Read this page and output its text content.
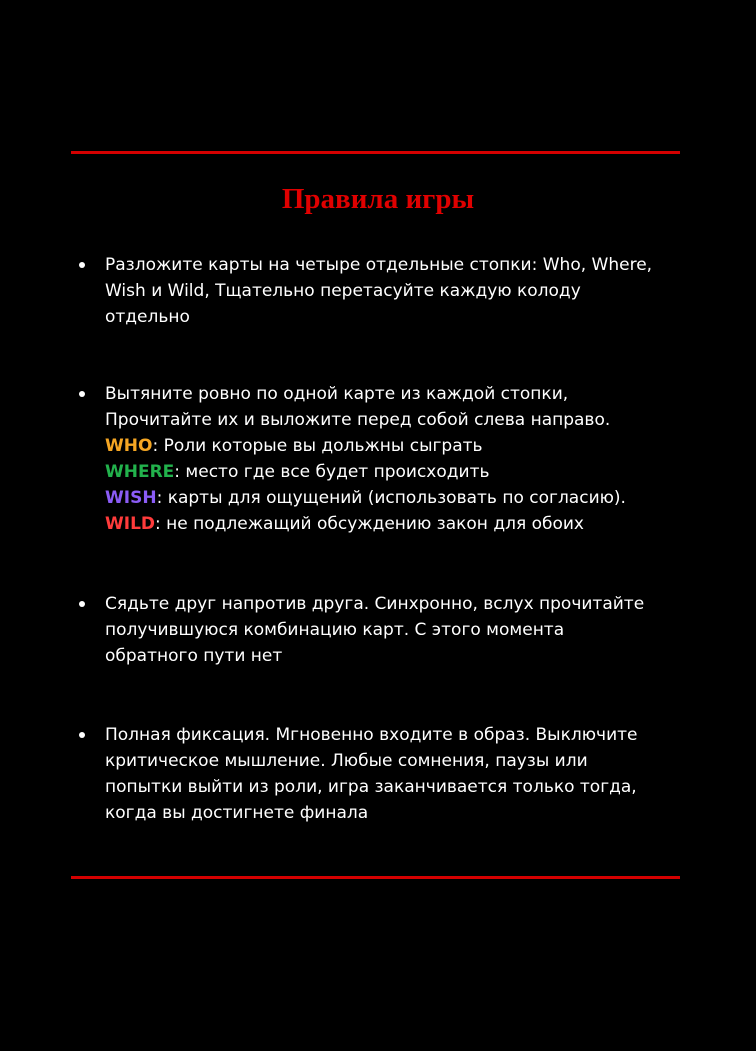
Правила игры
Разложите карты на четыре отдельные стопки: Who, Where,
Wish и Wild, Тщательно перетасуйте каждую колоду
отдельно
Вытяните ровно по одной карте из каждой стопки,
Прочитайте их и выложите перед собой слева направо.
WHO: Роли которые вы дольжны сыграть
WHERE: место где все будет происходить
WISH: карты для ощущений (использовать по согласию).
WILD: не подлежащий обсуждению закон для обоих
Сядьте друг напротив друга. Синхронно, вслух прочитайте
получившуюся комбинацию карт. С этого момента
обратного пути нет
Полная фиксация. Мгновенно входите в образ. Выключите
критическое мышление. Любые сомнения, паузы или
попытки выйти из роли, игра заканчивается только тогда,
когда вы достигнете финала
